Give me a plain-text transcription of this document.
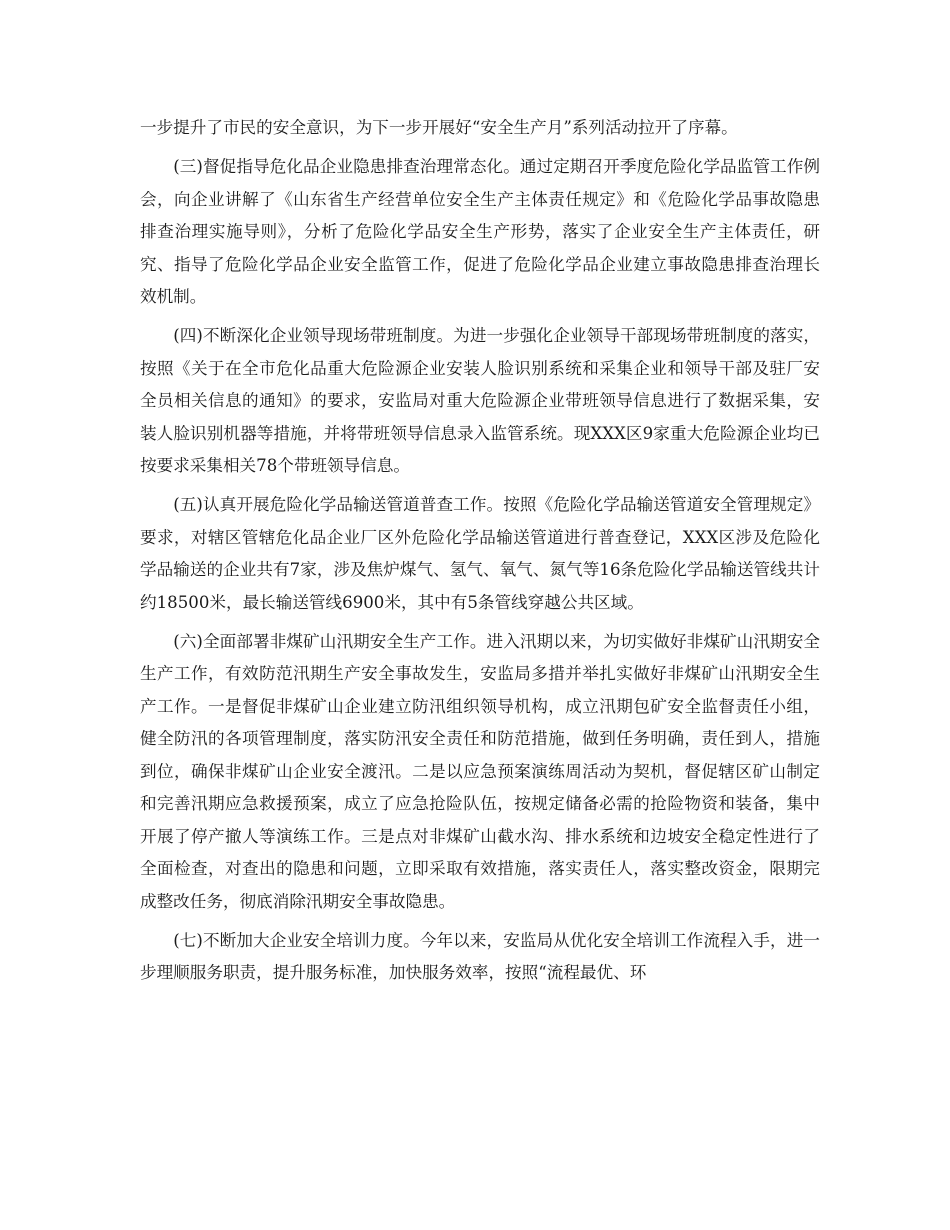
一步提升了市民的安全意识，为下一步开展好“安全生产月”系列活动拉开了序幕。

(三)督促指导危化品企业隐患排查治理常态化。通过定期召开季度危险化学品监管工作例会，向企业讲解了《山东省生产经营单位安全生产主体责任规定》和《危险化学品事故隐患排查治理实施导则》，分析了危险化学品安全生产形势，落实了企业安全生产主体责任，研究、指导了危险化学品企业安全监管工作，促进了危险化学品企业建立事故隐患排查治理长效机制。

(四)不断深化企业领导现场带班制度。为进一步强化企业领导干部现场带班制度的落实，按照《关于在全市危化品重大危险源企业安装人脸识别系统和采集企业和领导干部及驻厂安全员相关信息的通知》的要求，安监局对重大危险源企业带班领导信息进行了数据采集，安装人脸识别机器等措施，并将带班领导信息录入监管系统。现XXX区9家重大危险源企业均已按要求采集相关78个带班领导信息。

(五)认真开展危险化学品输送管道普查工作。按照《危险化学品输送管道安全管理规定》要求，对辖区管辖危化品企业厂区外危险化学品输送管道进行普查登记，XXX区涉及危险化学品输送的企业共有7家，涉及焦炉煤气、氢气、氧气、氮气等16条危险化学品输送管线共计约18500米，最长输送管线6900米，其中有5条管线穿越公共区域。

(六)全面部署非煤矿山汛期安全生产工作。进入汛期以来，为切实做好非煤矿山汛期安全生产工作，有效防范汛期生产安全事故发生，安监局多措并举扎实做好非煤矿山汛期安全生产工作。一是督促非煤矿山企业建立防汛组织领导机构，成立汛期包矿安全监督责任小组，健全防汛的各项管理制度，落实防汛安全责任和防范措施，做到任务明确，责任到人，措施到位，确保非煤矿山企业安全渡汛。二是以应急预案演练周活动为契机，督促辖区矿山制定和完善汛期应急救援预案，成立了应急抢险队伍，按规定储备必需的抢险物资和装备，集中开展了停产撤人等演练工作。三是点对非煤矿山截水沟、排水系统和边坡安全稳定性进行了全面检查，对查出的隐患和问题，立即采取有效措施，落实责任人，落实整改资金，限期完成整改任务，彻底消除汛期安全事故隐患。

(七)不断加大企业安全培训力度。今年以来，安监局从优化安全培训工作流程入手，进一步理顺服务职责，提升服务标准，加快服务效率，按照“流程最优、环
